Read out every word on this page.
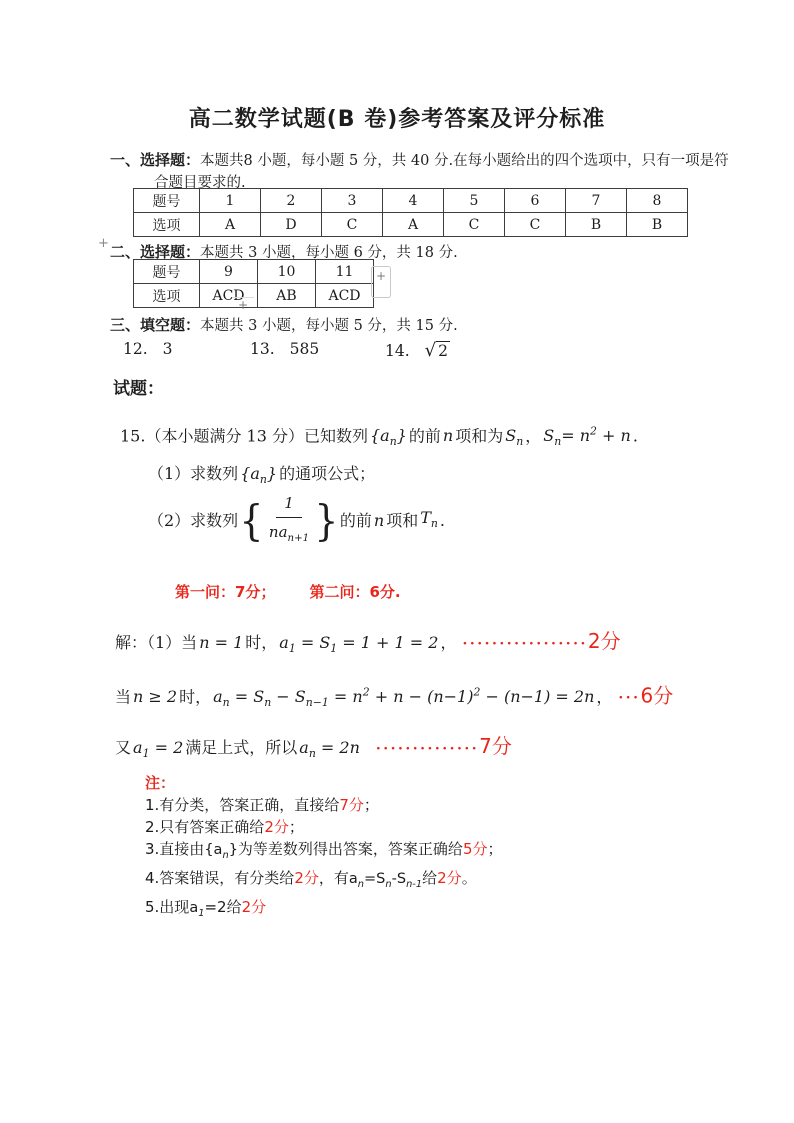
高二数学试题(B 卷)参考答案及评分标准
一、选择题：本题共8 小题，每小题 5 分，共 40 分.在每小题给出的四个选项中，只有一项是符合题目要求的.
题号	1	2	3	4	5	6	7	8
选项	A	D	C	A	C	C	B	B
+ 二、选择题：本题共 3 小题，每小题 6 分，共 18 分.
题号	9	10	11
选项	ACD	AB	ACD
+
+
三、填空题：本题共 3 小题，每小题 5 分，共 15 分.
12. 3	13. 585	14. √ 2
试题：
15.（本小题满分 13 分）已知数列 $\{a_n\}$ 的前 n 项和为 $S_n$ ， $S_n= n^2 + n$ .
（1）求数列 $\{a_n\}$ 的通项公式；
（2）求数列 { $\frac{1}{na_{n+1}}$ } 的前 n 项和 $T_n$ .
第一问：7分； 第二问：6分.
解：（1）当 n = 1 时， $a_1 = S_1 = 1 + 1 = 2$ ， ·················2分
当 n ≥ 2 时， $a_n = S_n - S_{n-1} = n^2 + n - (n-1)^2 - (n-1) = 2n$ ， ···6分
又 $a_1 = 2$ 满足上式，所以 $a_n = 2n \cdot\cdot\cdot\cdot\cdot\cdot\cdot\cdot\cdot\cdot\cdot\cdot\cdot\cdot 7$分
注：
1.有分类，答案正确，直接给7分；
2.只有答案正确给2分；
3.直接由$\{a_n\}$为等差数列得出答案，答案正确给5分；
4.答案错误，有分类给2分，有$a_n=S_n-S_{n-1}$给2分。
5.出现$a_1=2$给2分
